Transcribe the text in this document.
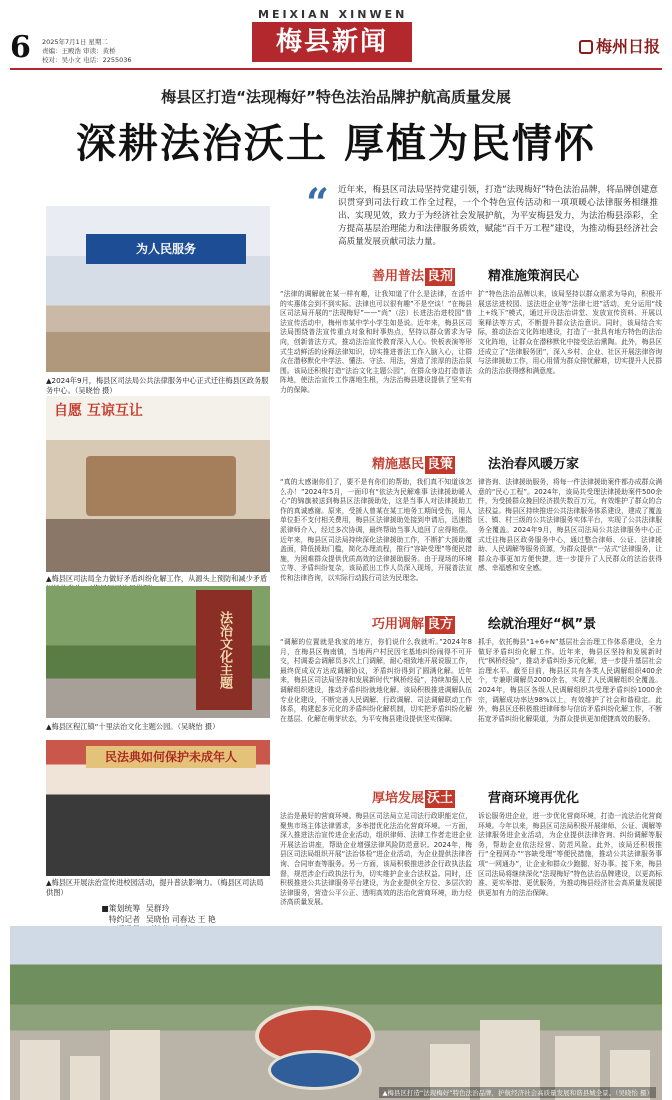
6 2025年7月1日 星期二
责编：王殿浩 审读：黄桥
校对：吴小文 电话：2255036
MEIXIAN XINWEN
梅县新闻	梅州日报
梅县区打造“法现梅好”特色法治品牌护航高质量发展
深耕法治沃土 厚植为民情怀
“ 近年来，梅县区司法局坚持党建引领，打造“法现梅好”特色法治品牌，将品牌创建意识贯穿到司法行政工作全过程，一个个特色宣传活动和一项项暖心法律服务相继推出、实现见效，致力于为经济社会发展护航，为平安梅县发力，为法治梅县添彩，全方提高基层治理能力和法律服务质效，赋能“百千万工程”建设，为推动梅县经济社会高质量发展贡献司法力量。
为人民服务
▲2024年9月，梅县区司法局公共法律服务中心正式迁往梅县区政务服务中心。（吴晓怡 摄）
自愿 互谅互让
▲梅县区司法局全力做好矛盾纠纷化解工作，从源头上预防和减少矛盾
法治文化主题
▲梅县区程江镇“十里法治文化主题公园。（吴晓怡 摄）
民法典如何保护未成年人
▲梅县区开展法治宣传进校园活动，提升普法影响力。（梅县区司法局供图）
■策划统筹 吴群玲
特约记者 吴晓怡 司春达 王 艳
善用普法 良剂	精准施策润民心
“法律的调解就在某一样有趣，让我知道了什么是法律，在活中的实惠体会到不到实际。法律也可以很有趣”不是空谈！”在梅县区司法局开展的“法现梅好”——“尚”（法）长进法治进校园”普法宣传活动中，梅州市某中学小学生如是说。近年来，梅县区司法局围绕普法宣传重点对象和时事热点，坚持以群众需求为导向，创新普法方式，推动法治宣传教育深入人心。快板表演等形式生动鲜活的诠释法律知识，切实推进普法工作入脑入心，让群众在潜移默化中学法、懂法、守法、用法，营造了浓厚的法治氛围。该局还积极打造“法治文化主题公园”，在群众身边打造普法阵地，使法治宣传工作落地生根，为法治梅县建设提供了坚实有力的保障。
扩”特色法治品牌以来，该局坚持以群众需求为导向，积极开展送法进校园、送法进企业等“法律七进”活动，充分运用“线上+线下”模式，通过开设法治讲堂、发放宣传资料、开展以案释法等方式，不断提升群众法治意识。同时，该局结合实际，推动法治文化阵地建设，打造了一批具有地方特色的法治文化阵地，让群众在潜移默化中接受法治熏陶。此外，梅县区还成立了“法律服务团”，深入乡村、企业、社区开展法律咨询与法律援助工作，用心用情为群众排忧解难，切实提升人民群众的法治获得感和满意度。
精施惠民 良策	法治春风暖万家
“真的太感谢你们了，要不是有你们的帮助，我们真不知道该怎么办！”2024年5月，一面印有“依法为民解难事 法律援助暖人心”的锦旗被送到梅县区法律援助处，这是当事人对法律援助工作的真诚感谢。原来，受援人曾某在某工地务工期间受伤，用人单位拒不支付相关费用，梅县区法律援助处接到申请后，迅速指派律师介入，经过多次协调，最终帮助当事人追回了应得赔偿。近年来，梅县区司法局持续深化法律援助工作，不断扩大援助覆盖面，降低援助门槛，简化办理流程，推行“容缺受理”等便民措施，为困难群众提供优质高效的法律援助服务。由于现场的环境立等、矛盾纠纷复杂，该局派出工作人员深入现场，开展普法宣传和法律咨询，以实际行动践行司法为民理念。
律咨询、法律援助服务，将每一件法律援助案件都办成群众满意的“民心工程”。2024年，该局共受理法律援助案件500余件，为受援群众挽回经济损失数百万元，有效维护了群众的合法权益。梅县区持续推进公共法律服务体系建设，建成了覆盖区、镇、村三级的公共法律服务实体平台，实现了公共法律服务全覆盖。2024年9月，梅县区司法局公共法律服务中心正式迁往梅县区政务服务中心，通过整合律师、公证、法律援助、人民调解等服务资源，为群众提供“一站式”法律服务，让群众办事更加方便快捷，进一步提升了人民群众的法治获得感、幸福感和安全感。
巧用调解 良方	绘就治理好“枫”景
“调解的位置就是我家的地方，你们说什么我就听。”2024年8月，在梅县区梅南镇，当地两户村民因宅基地纠纷闹得不可开交，村调委会调解员多次上门调解，耐心细致地开展说服工作，最终促成双方达成调解协议，矛盾纠纷得到了圆满化解。近年来，梅县区司法局坚持和发展新时代“枫桥经验”，持续加强人民调解组织建设，推动矛盾纠纷就地化解。该局积极推进调解队伍专业化建设，不断完善人民调解、行政调解、司法调解联动工作体系，构建起多元化的矛盾纠纷化解机制，切实把矛盾纠纷化解在基层、化解在萌芽状态，为平安梅县建设提供坚实保障。
抓手，依托梅县“1+6+N”基层社会治理工作体系建设，全力做好矛盾纠纷化解工作。近年来，梅县区坚持和发展新时代“枫桥经验”，推动矛盾纠纷多元化解，进一步提升基层社会治理水平。截至目前，梅县区共有各类人民调解组织400余个，专兼职调解员2000余名，实现了人民调解组织全覆盖。2024年，梅县区各级人民调解组织共受理矛盾纠纷1000余宗，调解成功率达98%以上，有效维护了社会和谐稳定。此外，梅县区还积极推进律师参与信访矛盾纠纷化解工作，不断拓宽矛盾纠纷化解渠道，为群众提供更加便捷高效的服务。
厚培发展 沃土	营商环境再优化
法治是最好的营商环境。梅县区司法局立足司法行政职能定位，聚焦市场主体法律需求，多举措优化法治化营商环境。一方面，深入推进法治宣传进企业活动，组织律师、法律工作者走进企业开展法治讲座，帮助企业增强法律风险防范意识。2024年，梅县区司法局组织开展“法治体检”进企业活动，为企业提供法律咨询、合同审查等服务。另一方面，该局积极推进涉企行政执法监督，规范涉企行政执法行为，切实维护企业合法权益。同时，还积极推进公共法律服务平台建设，为企业提供全方位、多层次的法律服务，营造公平公正、透明高效的法治化营商环境，助力经济高质量发展。
诉讼服务进企业，进一步优化营商环境，打造一流法治化营商环境。今年以来，梅县区司法局积极开展律师、公证、调解等法律服务进企业活动，为企业提供法律咨询、纠纷调解等服务，帮助企业依法经营、防范风险。此外，该局还积极推行“全程网办”“容缺受理”等便民措施，推动公共法律服务事项“一网通办”，让企业和群众少跑腿、好办事。接下来，梅县区司法局将继续深化“法现梅好”特色法治品牌建设，以更高标准、更实举措、更优服务，为推动梅县经济社会高质量发展提供更加有力的法治保障。
▲梅县区打造“法现梅好”特色法治品牌，护航经济社会高质量发展和谐县城全景。（吴晓怡 摄）
